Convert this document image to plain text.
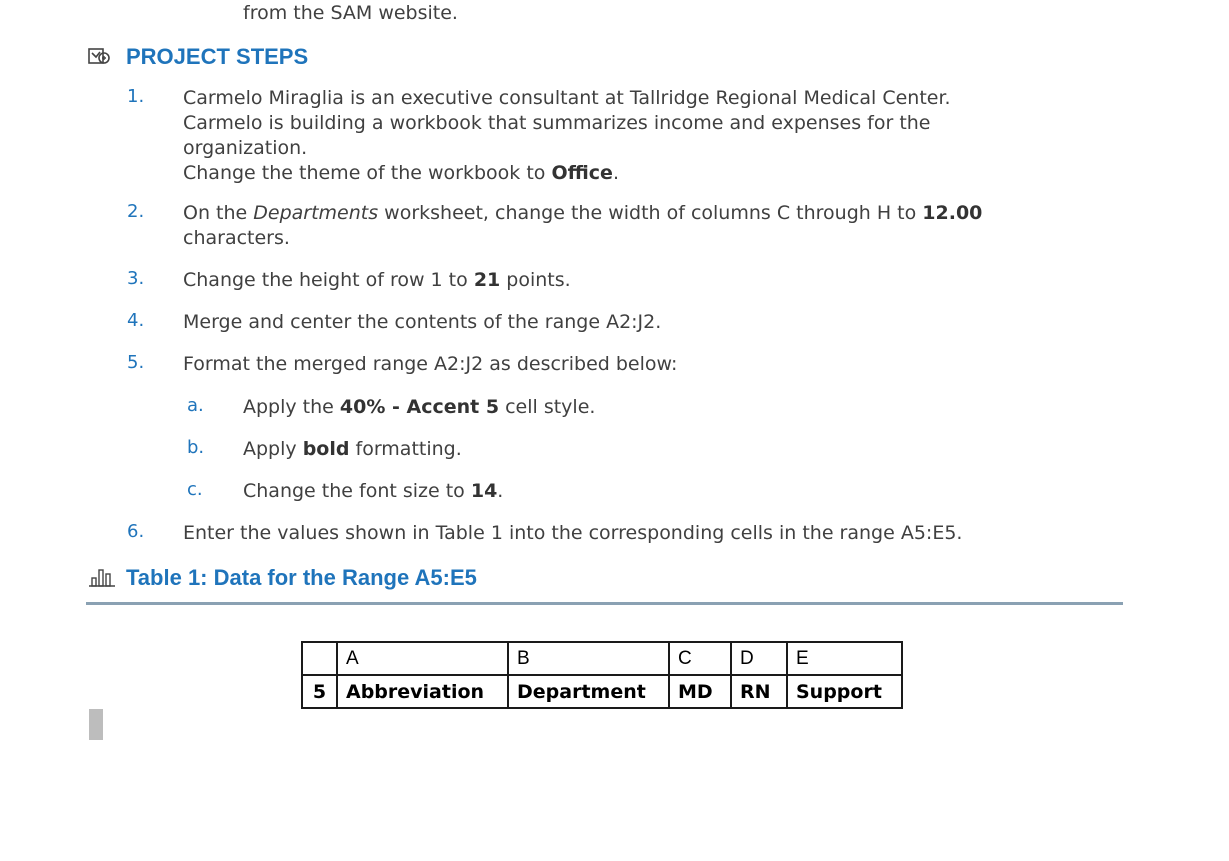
from the SAM website.
PROJECT STEPS
1. Carmelo Miraglia is an executive consultant at Tallridge Regional Medical Center.
Carmelo is building a workbook that summarizes income and expenses for the
organization.
Change the theme of the workbook to Office.
2. On the Departments worksheet, change the width of columns C through H to 12.00
characters.
3. Change the height of row 1 to 21 points.
4. Merge and center the contents of the range A2:J2.
5. Format the merged range A2:J2 as described below:
a. Apply the 40% - Accent 5 cell style.
b. Apply bold formatting.
c. Change the font size to 14.
6. Enter the values shown in Table 1 into the corresponding cells in the range A5:E5.
Table 1: Data for the Range A5:E5
	A	B	C	D	E
5	Abbreviation	Department	MD	RN	Support
